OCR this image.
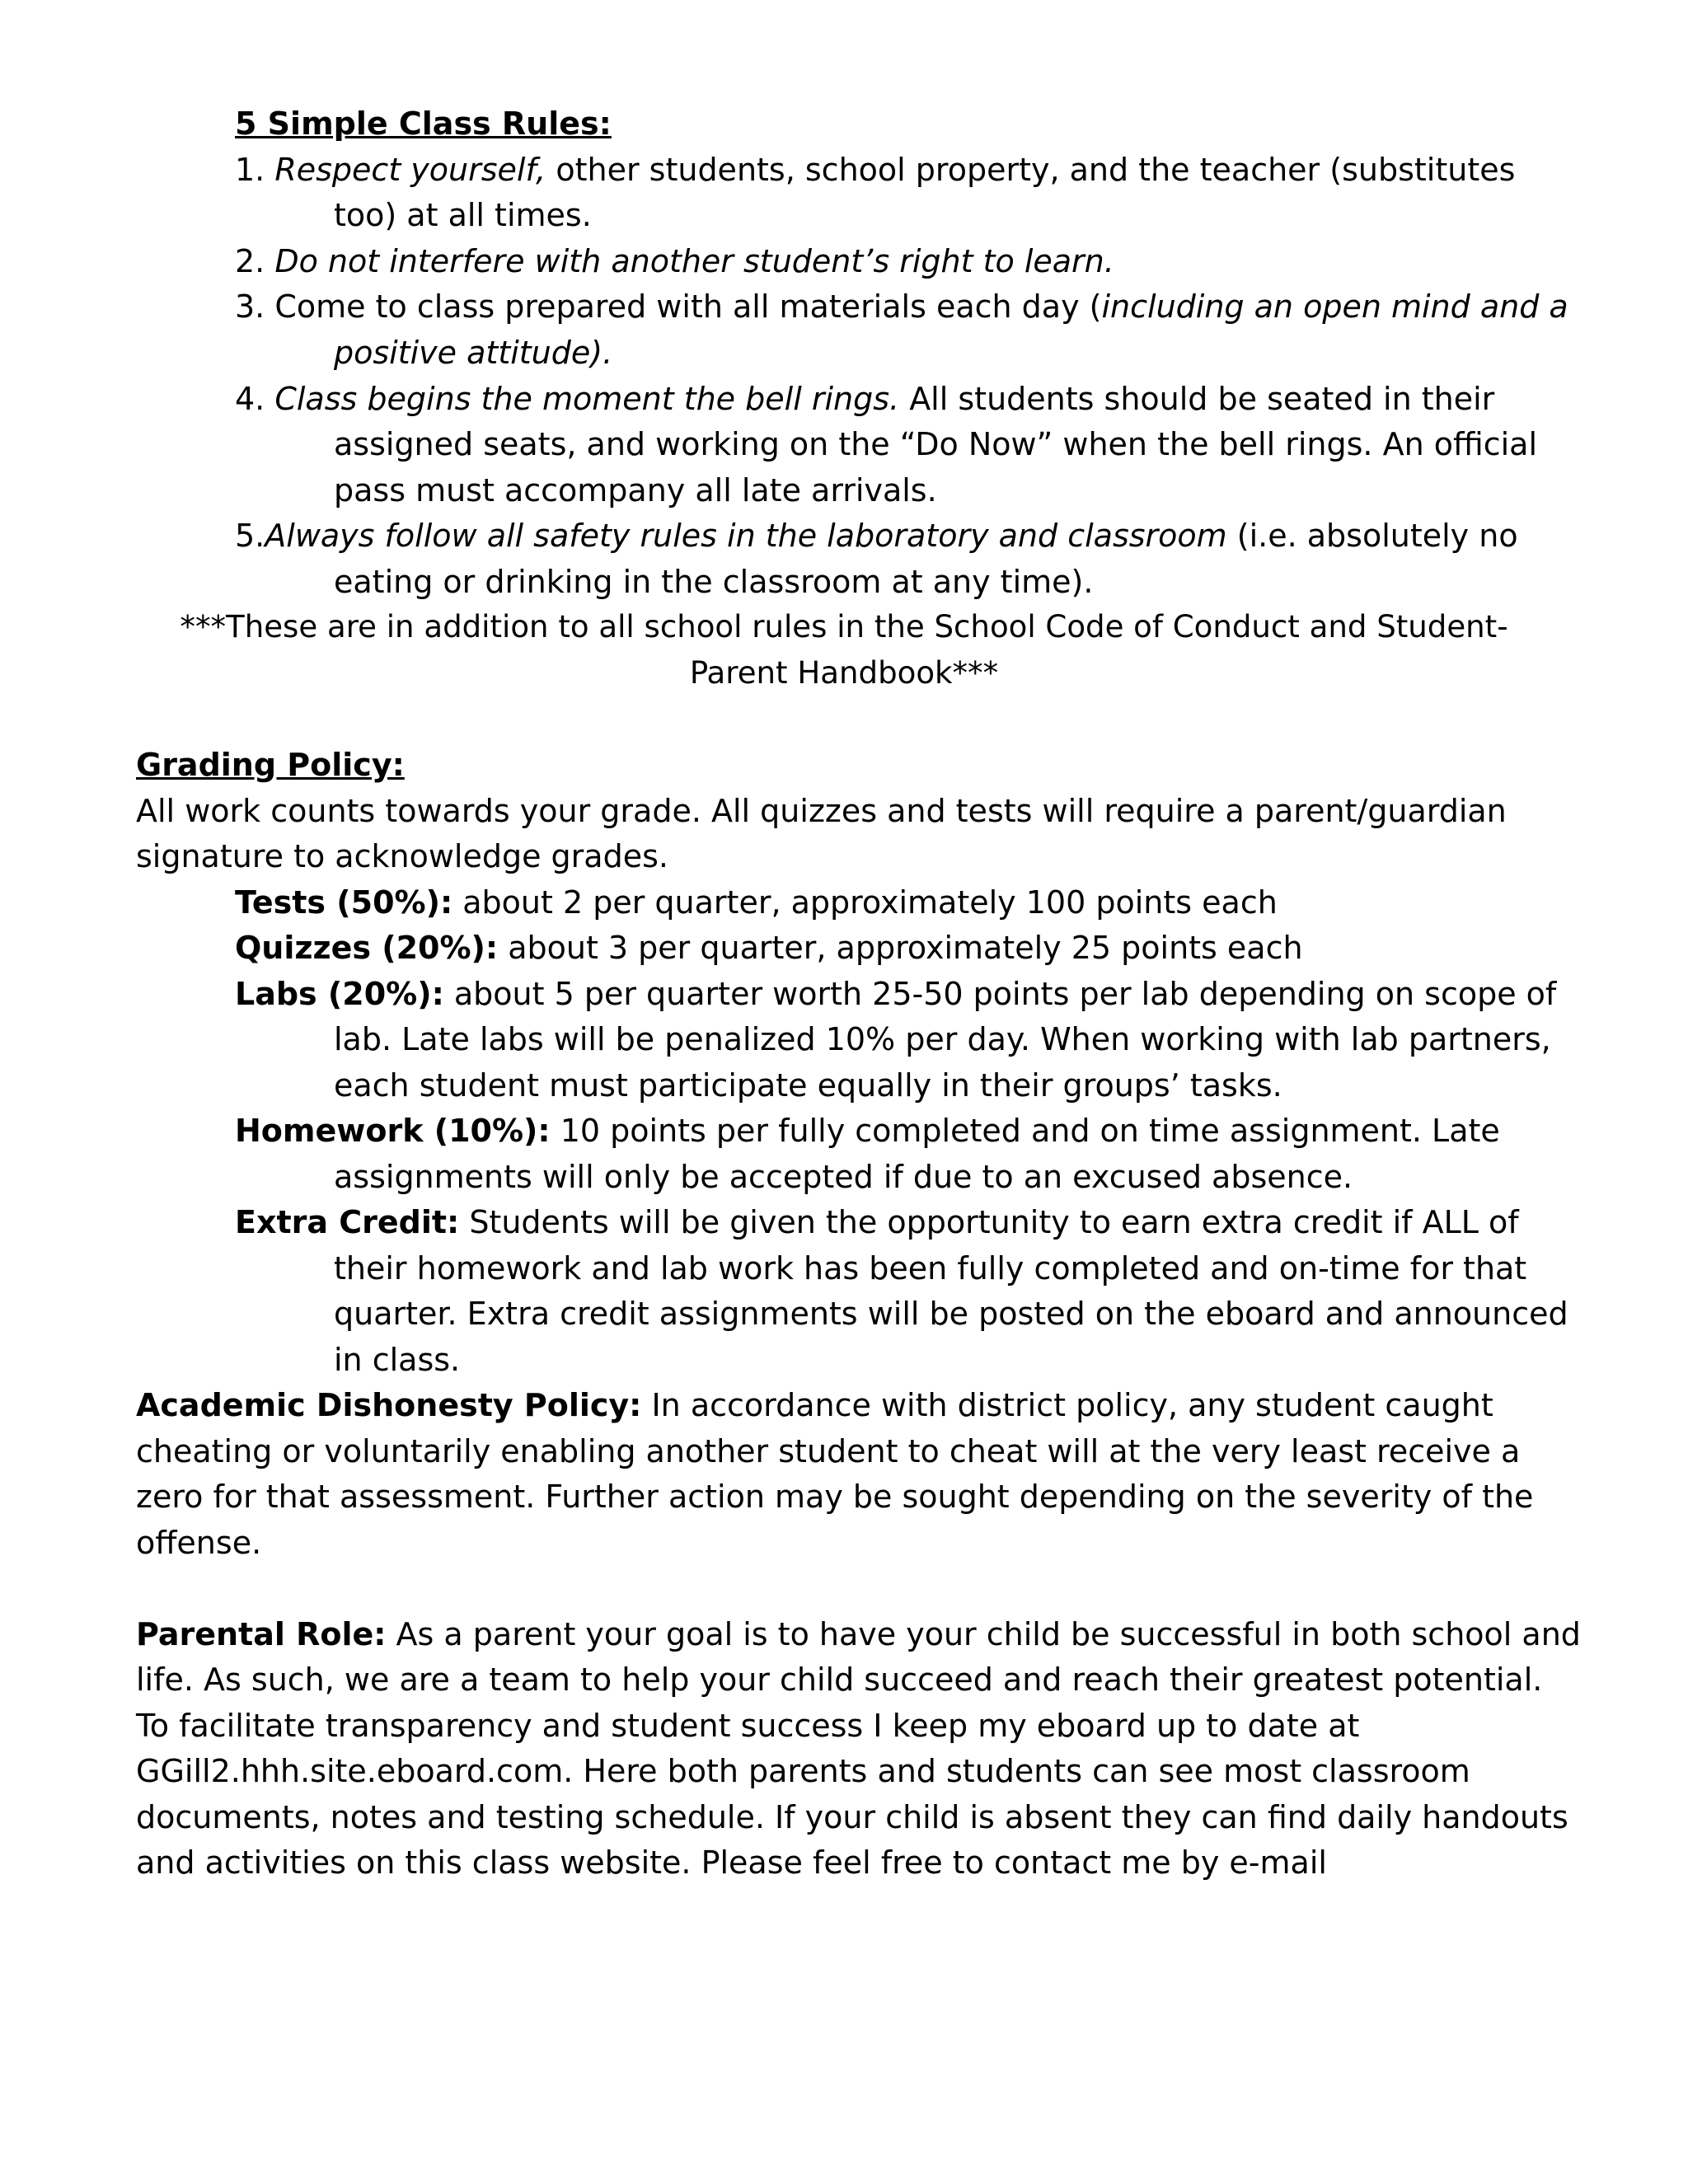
5 Simple Class Rules:
1. Respect yourself, other students, school property, and the teacher (substitutes
too) at all times.
2. Do not interfere with another student’s right to learn.
3. Come to class prepared with all materials each day (including an open mind and a
positive attitude).
4. Class begins the moment the bell rings. All students should be seated in their
assigned seats, and working on the “Do Now” when the bell rings. An official
pass must accompany all late arrivals.
5.Always follow all safety rules in the laboratory and classroom (i.e. absolutely no
eating or drinking in the classroom at any time).
***These are in addition to all school rules in the School Code of Conduct and Student-
Parent Handbook***
Grading Policy:
All work counts towards your grade. All quizzes and tests will require a parent/guardian
signature to acknowledge grades.
Tests (50%): about 2 per quarter, approximately 100 points each
Quizzes (20%): about 3 per quarter, approximately 25 points each
Labs (20%): about 5 per quarter worth 25-50 points per lab depending on scope of
lab. Late labs will be penalized 10% per day. When working with lab partners,
each student must participate equally in their groups’ tasks.
Homework (10%): 10 points per fully completed and on time assignment. Late
assignments will only be accepted if due to an excused absence.
Extra Credit: Students will be given the opportunity to earn extra credit if ALL of
their homework and lab work has been fully completed and on-time for that
quarter. Extra credit assignments will be posted on the eboard and announced
in class.
Academic Dishonesty Policy: In accordance with district policy, any student caught
cheating or voluntarily enabling another student to cheat will at the very least receive a
zero for that assessment. Further action may be sought depending on the severity of the
offense.
Parental Role: As a parent your goal is to have your child be successful in both school and
life. As such, we are a team to help your child succeed and reach their greatest potential.
To facilitate transparency and student success I keep my eboard up to date at
GGill2.hhh.site.eboard.com. Here both parents and students can see most classroom
documents, notes and testing schedule. If your child is absent they can find daily handouts
and activities on this class website. Please feel free to contact me by e-mail
